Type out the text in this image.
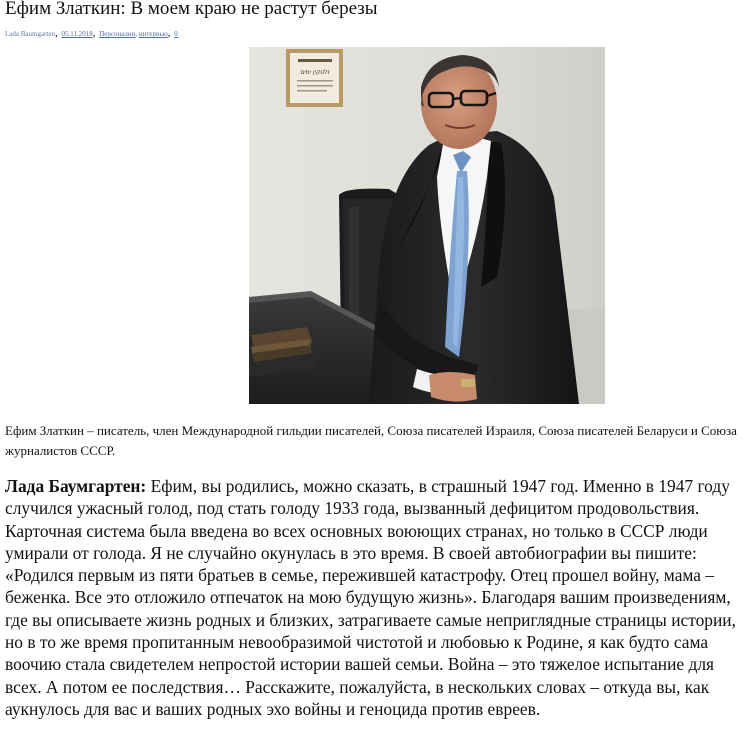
Ефим Златкин: В моем краю не растут березы
Lada Baumgarten, 05.11.2018, Персоналии, интервью, 0
זלטקין ימים
Ефим Златкин – писатель, член Международной гильдии писателей, Союза писателей Израиля, Союза писателей Беларуси и Союза журналистов СССР.

Лада Баумгартен: Ефим, вы родились, можно сказать, в страшный 1947 год. Именно в 1947 году случился ужасный голод, под стать голоду 1933 года, вызванный дефицитом продовольствия. Карточная система была введена во всех основных воюющих странах, но только в СССР люди умирали от голода. Я не случайно окунулась в это время. В своей автобиографии вы пишите: «Родился первым из пяти братьев в семье, пережившей катастрофу. Отец прошел войну, мама – беженка. Все это отложило отпечаток на мою будущую жизнь». Благодаря вашим произведениям, где вы описываете жизнь родных и близких, затрагиваете самые неприглядные страницы истории, но в то же время пропитанным невообразимой чистотой и любовью к Родине, я как будто сама воочию стала свидетелем непростой истории вашей семьи. Война – это тяжелое испытание для всех. А потом ее последствия… Расскажите, пожалуйста, в нескольких словах – откуда вы, как аукнулось для вас и ваших родных эхо войны и геноцида против евреев.
